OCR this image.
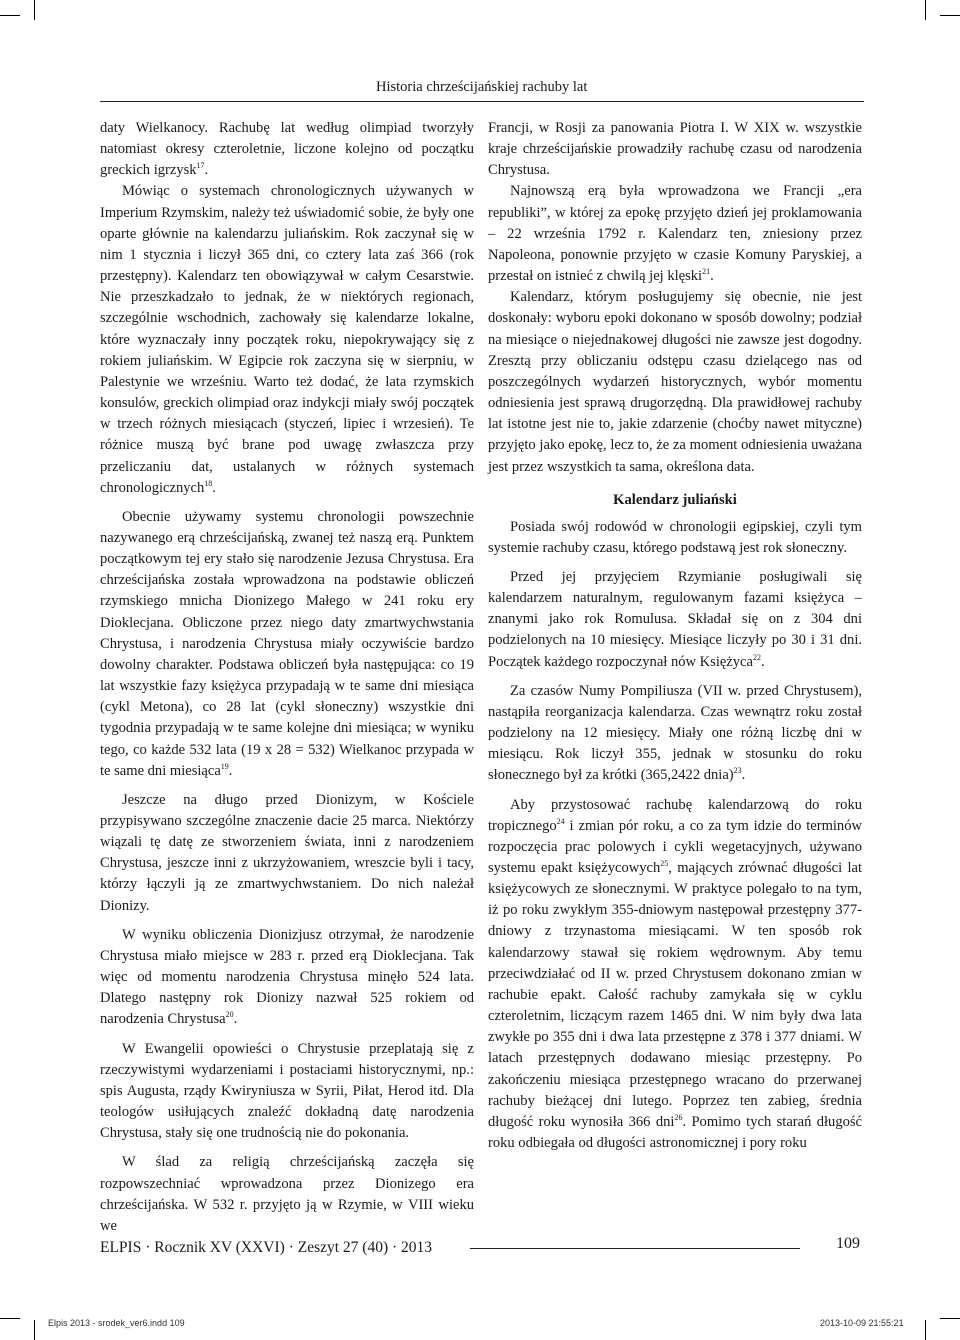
Historia chrześcijańskiej rachuby lat

daty Wielkanocy. Rachubę lat według olimpiad tworzyły natomiast okresy czteroletnie, liczone kolejno od początku greckich igrzysk$^{17}$.

Mówiąc o systemach chronologicznych używanych w Imperium Rzymskim, należy też uświadomić sobie, że były one oparte głównie na kalendarzu juliańskim. Rok zaczynał się w nim 1 stycznia i liczył 365 dni, co cztery lata zaś 366 (rok przestępny). Kalendarz ten obowiązywał w całym Cesarstwie. Nie przeszkadzało to jednak, że w niektórych regionach, szczególnie wschodnich, zachowały się kalendarze lokalne, które wyznaczały inny początek roku, niepokrywający się z rokiem juliańskim. W Egipcie rok zaczyna się w sierpniu, w Palestynie we wrześniu. Warto też dodać, że lata rzymskich konsulów, greckich olimpiad oraz indykcji miały swój początek w trzech różnych miesiącach (styczeń, lipiec i wrzesień). Te różnice muszą być brane pod uwagę zwłaszcza przy przeliczaniu dat, ustalanych w różnych systemach chronologicznych$^{18}$.

Obecnie używamy systemu chronologii powszechnie nazywanego erą chrześcijańską, zwanej też naszą erą. Punktem początkowym tej ery stało się narodzenie Jezusa Chrystusa. Era chrześcijańska została wprowadzona na podstawie obliczeń rzymskiego mnicha Dionizego Małego w 241 roku ery Dioklecjana. Obliczone przez niego daty zmartwychwstania Chrystusa, i narodzenia Chrystusa miały oczywiście bardzo dowolny charakter. Podstawa obliczeń była następująca: co 19 lat wszystkie fazy księżyca przypadają w te same dni miesiąca (cykl Metona), co 28 lat (cykl słoneczny) wszystkie dni tygodnia przypadają w te same kolejne dni miesiąca; w wyniku tego, co każde 532 lata (19 x 28 = 532) Wielkanoc przypada w te same dni miesiąca$^{19}$.

Jeszcze na długo przed Dionizym, w Kościele przypisywano szczególne znaczenie dacie 25 marca. Niektórzy wiązali tę datę ze stworzeniem świata, inni z narodzeniem Chrystusa, jeszcze inni z ukrzyżowaniem, wreszcie byli i tacy, którzy łączyli ją ze zmartwychwstaniem. Do nich należał Dionizy.

W wyniku obliczenia Dionizjusz otrzymał, że narodzenie Chrystusa miało miejsce w 283 r. przed erą Dioklecjana. Tak więc od momentu narodzenia Chrystusa minęło 524 lata. Dlatego następny rok Dionizy nazwał 525 rokiem od narodzenia Chrystusa$^{20}$.

W Ewangelii opowieści o Chrystusie przeplatają się z rzeczywistymi wydarzeniami i postaciami historycznymi, np.: spis Augusta, rządy Kwiryniusza w Syrii, Piłat, Herod itd. Dla teologów usiłujących znaleźć dokładną datę narodzenia Chrystusa, stały się one trudnością nie do pokonania.

W ślad za religią chrześcijańską zaczęła się rozpowszechniać wprowadzona przez Dionizego era chrześcijańska. W 532 r. przyjęto ją w Rzymie, w VIII wieku we

Francji, w Rosji za panowania Piotra I. W XIX w. wszystkie kraje chrześcijańskie prowadziły rachubę czasu od narodzenia Chrystusa.

Najnowszą erą była wprowadzona we Francji „era republiki”, w której za epokę przyjęto dzień jej proklamowania – 22 września 1792 r. Kalendarz ten, zniesiony przez Napoleona, ponownie przyjęto w czasie Komuny Paryskiej, a przestał on istnieć z chwilą jej klęski$^{21}$.

Kalendarz, którym posługujemy się obecnie, nie jest doskonały: wyboru epoki dokonano w sposób dowolny; podział na miesiące o niejednakowej długości nie zawsze jest dogodny. Zresztą przy obliczaniu odstępu czasu dzielącego nas od poszczególnych wydarzeń historycznych, wybór momentu odniesienia jest sprawą drugorzędną. Dla prawidłowej rachuby lat istotne jest nie to, jakie zdarzenie (choćby nawet mityczne) przyjęto jako epokę, lecz to, że za moment odniesienia uważana jest przez wszystkich ta sama, określona data.

Kalendarz juliański

Posiada swój rodowód w chronologii egipskiej, czyli tym systemie rachuby czasu, którego podstawą jest rok słoneczny.

Przed jej przyjęciem Rzymianie posługiwali się kalendarzem naturalnym, regulowanym fazami księżyca – znanymi jako rok Romulusa. Składał się on z 304 dni podzielonych na 10 miesięcy. Miesiące liczyły po 30 i 31 dni. Początek każdego rozpoczynał nów Księżyca$^{22}$.

Za czasów Numy Pompiliusza (VII w. przed Chrystusem), nastąpiła reorganizacja kalendarza. Czas wewnątrz roku został podzielony na 12 miesięcy. Miały one różną liczbę dni w miesiącu. Rok liczył 355, jednak w stosunku do roku słonecznego był za krótki (365,2422 dnia)$^{23}$.

Aby przystosować rachubę kalendarzową do roku tropicznego$^{24}$ i zmian pór roku, a co za tym idzie do terminów rozpoczęcia prac polowych i cykli wegetacyjnych, używano systemu epakt księżycowych$^{25}$, mających zrównać długości lat księżycowych ze słonecznymi. W praktyce polegało to na tym, iż po roku zwykłym 355-dniowym następował przestępny 377-dniowy z trzynastoma miesiącami. W ten sposób rok kalendarzowy stawał się rokiem wędrownym. Aby temu przeciwdziałać od II w. przed Chrystusem dokonano zmian w rachubie epakt. Całość rachuby zamykała się w cyklu czteroletnim, liczącym razem 1465 dni. W nim były dwa lata zwykłe po 355 dni i dwa lata przestępne z 378 i 377 dniami. W latach przestępnych dodawano miesiąc przestępny. Po zakończeniu miesiąca przestępnego wracano do przerwanej rachuby bieżącej dni lutego. Poprzez ten zabieg, średnia długość roku wynosiła 366 dni$^{26}$. Pomimo tych starań długość roku odbiegała od długości astronomicznej i pory roku

ELPIS · Rocznik XV (XXVI) · Zeszyt 27 (40) · 2013	109
Elpis 2013 - srodek_ver6.indd 109	2013-10-09 21:55:21
